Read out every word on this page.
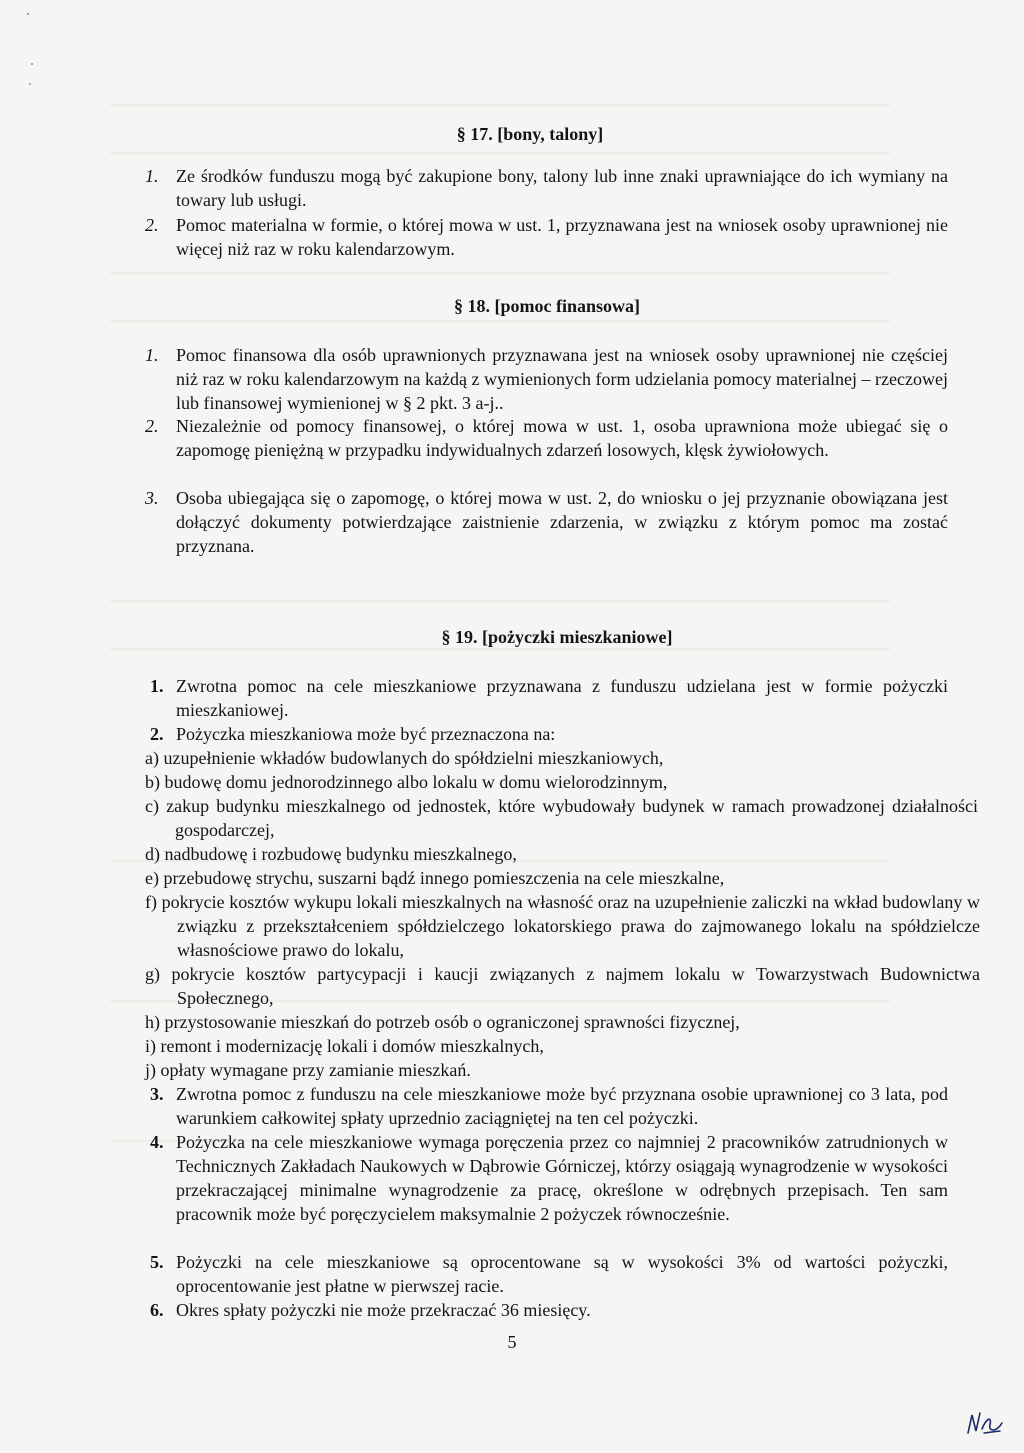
§ 17. [bony, talony]
1. Ze środków funduszu mogą być zakupione bony, talony lub inne znaki uprawniające do ich wymiany na towary lub usługi.
2. Pomoc materialna w formie, o której mowa w ust. 1, przyznawana jest na wniosek osoby uprawnionej nie więcej niż raz w roku kalendarzowym.
§ 18. [pomoc finansowa]
1. Pomoc finansowa dla osób uprawnionych przyznawana jest na wniosek osoby uprawnionej nie częściej niż raz w roku kalendarzowym na każdą z wymienionych form udzielania pomocy materialnej – rzeczowej lub finansowej wymienionej w § 2 pkt. 3 a-j..
2. Niezależnie od pomocy finansowej, o której mowa w ust. 1, osoba uprawniona może ubiegać się o zapomogę pieniężną w przypadku indywidualnych zdarzeń losowych, klęsk żywiołowych.
3. Osoba ubiegająca się o zapomogę, o której mowa w ust. 2, do wniosku o jej przyznanie obowiązana jest dołączyć dokumenty potwierdzające zaistnienie zdarzenia, w związku z którym pomoc ma zostać przyznana.
§ 19. [pożyczki mieszkaniowe]
1. Zwrotna pomoc na cele mieszkaniowe przyznawana z funduszu udzielana jest w formie pożyczki mieszkaniowej.
2. Pożyczka mieszkaniowa może być przeznaczona na:
a) uzupełnienie wkładów budowlanych do spółdzielni mieszkaniowych,
b) budowę domu jednorodzinnego albo lokalu w domu wielorodzinnym,
c) zakup budynku mieszkalnego od jednostek, które wybudowały budynek w ramach prowadzonej działalności gospodarczej,
d) nadbudowę i rozbudowę budynku mieszkalnego,
e) przebudowę strychu, suszarni bądź innego pomieszczenia na cele mieszkalne,
f) pokrycie kosztów wykupu lokali mieszkalnych na własność oraz na uzupełnienie zaliczki na wkład budowlany w związku z przekształceniem spółdzielczego lokatorskiego prawa do zajmowanego lokalu na spółdzielcze własnościowe prawo do lokalu,
g) pokrycie kosztów partycypacji i kaucji związanych z najmem lokalu w Towarzystwach Budownictwa Społecznego,
h) przystosowanie mieszkań do potrzeb osób o ograniczonej sprawności fizycznej,
i) remont i modernizację lokali i domów mieszkalnych,
j) opłaty wymagane przy zamianie mieszkań.
3. Zwrotna pomoc z funduszu na cele mieszkaniowe może być przyznana osobie uprawnionej co 3 lata, pod warunkiem całkowitej spłaty uprzednio zaciągniętej na ten cel pożyczki.
4. Pożyczka na cele mieszkaniowe wymaga poręczenia przez co najmniej 2 pracowników zatrudnionych w Technicznych Zakładach Naukowych w Dąbrowie Górniczej, którzy osiągają wynagrodzenie w wysokości przekraczającej minimalne wynagrodzenie za pracę, określone w odrębnych przepisach. Ten sam pracownik może być poręczycielem maksymalnie 2 pożyczek równocześnie.
5. Pożyczki na cele mieszkaniowe są oprocentowane są w wysokości 3% od wartości pożyczki, oprocentowanie jest płatne w pierwszej racie.
6. Okres spłaty pożyczki nie może przekraczać 36 miesięcy.
5
